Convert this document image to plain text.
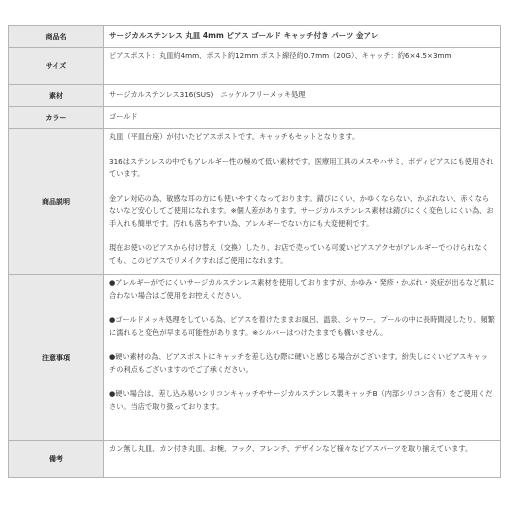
商品名	サージカルステンレス 丸皿 4mm ピアス ゴールド キャッチ付き パーツ 金アレ

サイズ	ピアスポスト：丸皿約4mm、ポスト約12mm ポスト線径約0.7mm（20G）、キャッチ：約6×4.5×3mm

素材	サージカルステンレス316(SUS)　ニッケルフリーメッキ処理

カラー	ゴールド

商品説明	丸皿（平皿台座）が付いたピアスポストです。キャッチもセットとなります。
316はステンレスの中でもアレルギー性の極めて低い素材です。医療用工具のメスやハサミ、ボディピアスにも使用されています。
金アレ対応の為、敏感な耳の方にも使いやすくなっております。錆びにくい、かゆくならない、かぶれない、赤くならないなど安心してご使用になれます。※個人差があります。サージカルステンレス素材は錆びにくく変色しにくい為、お手入れも簡単です。汚れも落ちやすい為、アレルギーでない方にも大変便利です。
現在お使いのピアスから付け替え（交換）したり、お店で売っている可愛いピアスアクセがアレルギーでつけられなくても、このピアスでリメイクすればご使用になれます。

注意事項	●アレルギーがでにくいサージカルステンレス素材を使用しておりますが、かゆみ・発疹・かぶれ・炎症が出るなど肌に合わない場合はご使用をお控えください。
●ゴールドメッキ処理をしている為、ピアスを着けたままお風呂、温泉、シャワー、プールの中に長時間浸したり、頻繁に濡れると変色が早まる可能性があります。※シルバーはつけたままでも構いません。
●硬い素材の為、ピアスポストにキャッチを差し込む際に硬いと感じる場合がございます。紛失しにくいピアスキャッチの利点もございますのでご了承ください。
●硬い場合は、差し込み易いシリコンキャッチやサージカルステンレス製キャッチB（内部シリコン含有）をご使用ください。当店で取り扱っております。

備考	カン無し丸皿、カン付き丸皿、お椀、フック、フレンチ、デザインなど様々なピアスパーツを取り揃えています。
